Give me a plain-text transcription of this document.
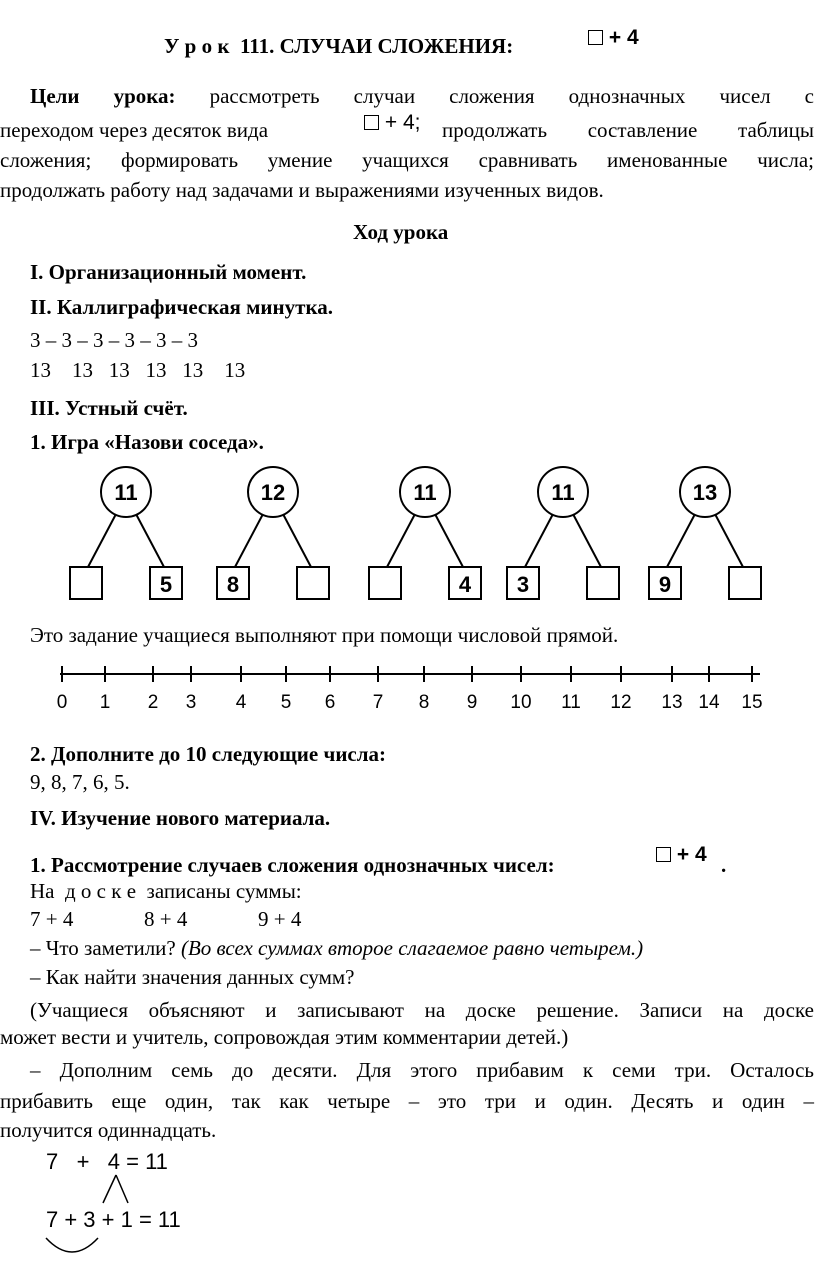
У р о к 111. СЛУЧАИ СЛОЖЕНИЯ:	+ 4
Цели урока: рассмотреть случаи сложения однозначных чисел с
переходом через десяток вида	+ 4; продолжать составление таблицы
сложения; формировать умение учащихся сравнивать именованные числа;
продолжать работу над задачами и выражениями изученных видов.
Ход урока
I. Организационный момент.
II. Каллиграфическая минутка.
3 – 3 – 3 – 3 – 3 – 3
13    13   13   13   13    13
III. Устный счёт.
1. Игра «Назови соседа».
11
5
12
8
11
4
11
3
13
9
Это задание учащиеся выполняют при помощи числовой прямой.
0 1 2 3 4 5 6 7 8 9 10 11 12 13 14 15
2. Дополните до 10 следующие числа:
9, 8, 7, 6, 5.
IV. Изучение нового материала.
1. Рассмотрение случаев сложения однозначных чисел:	+ 4 .
На д о с к е записаны суммы:
7 + 4	8 + 4	9 + 4
– Что заметили? (Во всех суммах второе слагаемое равно четырем.)
– Как найти значения данных сумм?
(Учащиеся объясняют и записывают на доске решение. Записи на доске
может вести и учитель, сопровождая этим комментарии детей.)
– Дополним семь до десяти. Для этого прибавим к семи три. Осталось
прибавить еще один, так как четыре – это три и один. Десять и один –
получится одиннадцать.
7   +   4 = 11
7 + 3 + 1 = 11
